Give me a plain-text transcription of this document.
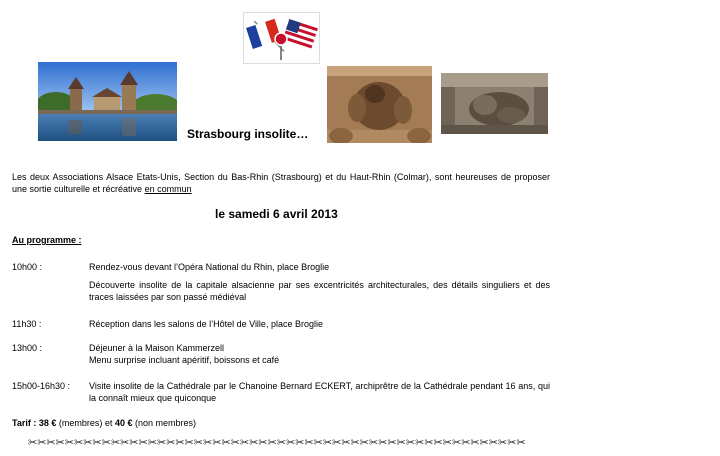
Strasbourg insolite…
Les deux Associations Alsace Etats-Unis, Section du Bas-Rhin (Strasbourg) et du Haut-Rhin (Colmar), sont heureuses de proposer une sortie culturelle et récréative en commun
le samedi 6 avril 2013
Au programme :
10h00 :	Rendez-vous devant l’Opéra National du Rhin, place Broglie
Découverte insolite de la capitale alsacienne par ses excentricités architecturales, des détails singuliers et des traces laissées par son passé médiéval
11h30 :	Réception dans les salons de l’Hôtel de Ville, place Broglie
13h00 :	Déjeuner à la Maison Kammerzell
Menu surprise incluant apéritif, boissons et café
15h00-16h30 : Visite insolite de la Cathédrale par le Chanoine Bernard ECKERT, archiprêtre de la Cathédrale pendant 16 ans, qui la connaît mieux que quiconque
Tarif : 38 € (membres) et 40 € (non membres)
✂✂✂✂✂✂✂✂✂✂✂✂✂✂✂✂✂✂✂✂✂✂✂✂✂✂✂✂✂✂✂✂✂✂✂✂✂✂✂✂✂✂✂✂✂✂✂✂✂✂✂✂✂✂
